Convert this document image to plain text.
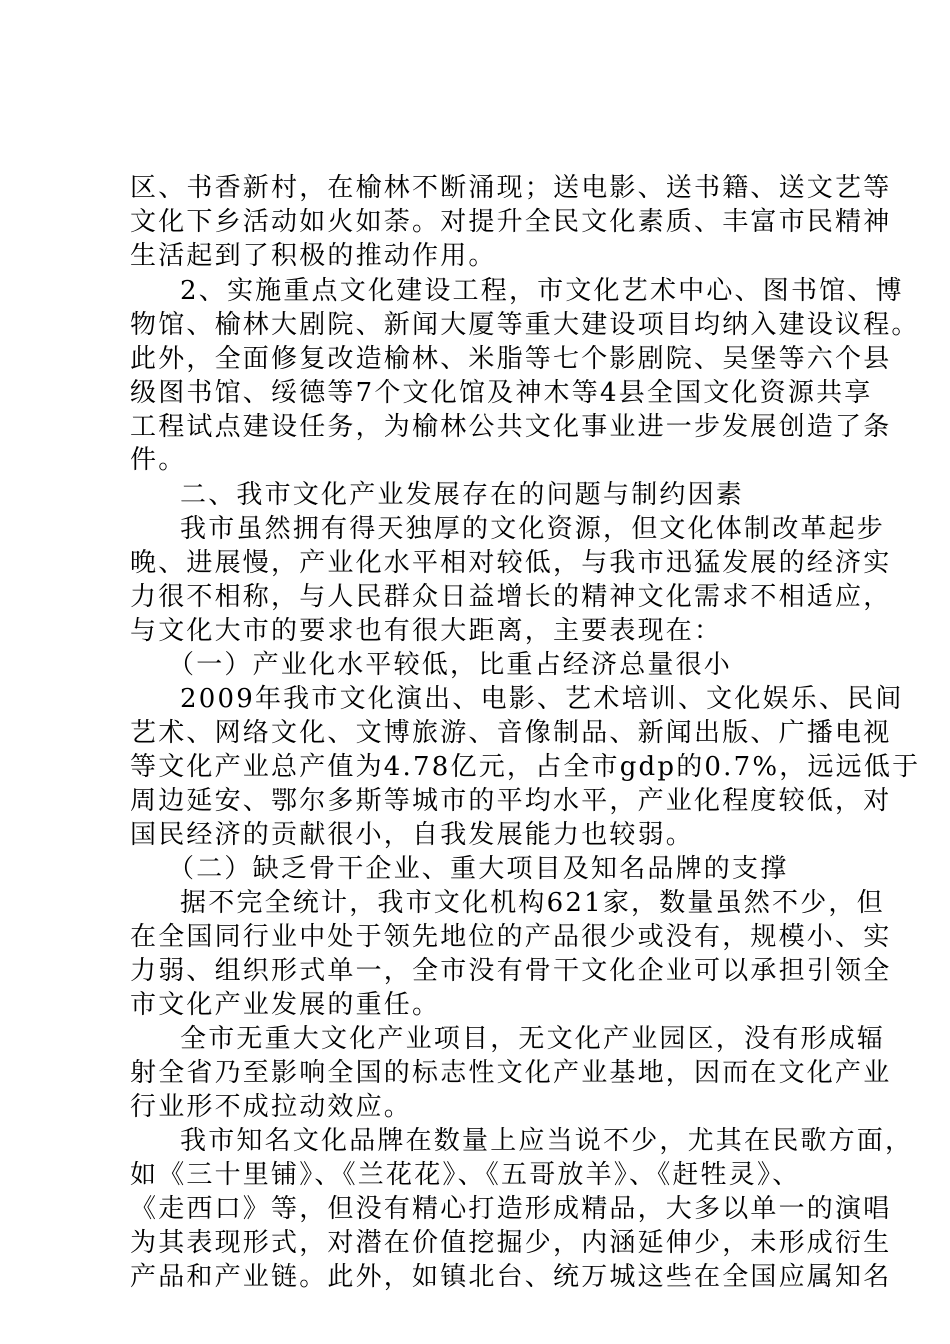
区、书香新村，在榆林不断涌现；送电影、送书籍、送文艺等
文化下乡活动如火如荼。对提升全民文化素质、丰富市民精神
生活起到了积极的推动作用。
2、实施重点文化建设工程，市文化艺术中心、图书馆、博
物馆、榆林大剧院、新闻大厦等重大建设项目均纳入建设议程。
此外，全面修复改造榆林、米脂等七个影剧院、吴堡等六个县
级图书馆、绥德等7个文化馆及神木等4县全国文化资源共享
工程试点建设任务，为榆林公共文化事业进一步发展创造了条
件。
二、我市文化产业发展存在的问题与制约因素
我市虽然拥有得天独厚的文化资源，但文化体制改革起步
晚、进展慢，产业化水平相对较低，与我市迅猛发展的经济实
力很不相称，与人民群众日益增长的精神文化需求不相适应，
与文化大市的要求也有很大距离，主要表现在：
（一）产业化水平较低，比重占经济总量很小
2009年我市文化演出、电影、艺术培训、文化娱乐、民间
艺术、网络文化、文博旅游、音像制品、新闻出版、广播电视
等文化产业总产值为4.78亿元，占全市gdp的0.7%，远远低于
周边延安、鄂尔多斯等城市的平均水平，产业化程度较低，对
国民经济的贡献很小，自我发展能力也较弱。
（二）缺乏骨干企业、重大项目及知名品牌的支撑
据不完全统计，我市文化机构621家，数量虽然不少，但
在全国同行业中处于领先地位的产品很少或没有，规模小、实
力弱、组织形式单一，全市没有骨干文化企业可以承担引领全
市文化产业发展的重任。
全市无重大文化产业项目，无文化产业园区，没有形成辐
射全省乃至影响全国的标志性文化产业基地，因而在文化产业
行业形不成拉动效应。
我市知名文化品牌在数量上应当说不少，尤其在民歌方面，
如《三十里铺》、《兰花花》、《五哥放羊》、《赶牲灵》、
《走西口》等，但没有精心打造形成精品，大多以单一的演唱
为其表现形式，对潜在价值挖掘少，内涵延伸少，未形成衍生
产品和产业链。此外，如镇北台、统万城这些在全国应属知名
